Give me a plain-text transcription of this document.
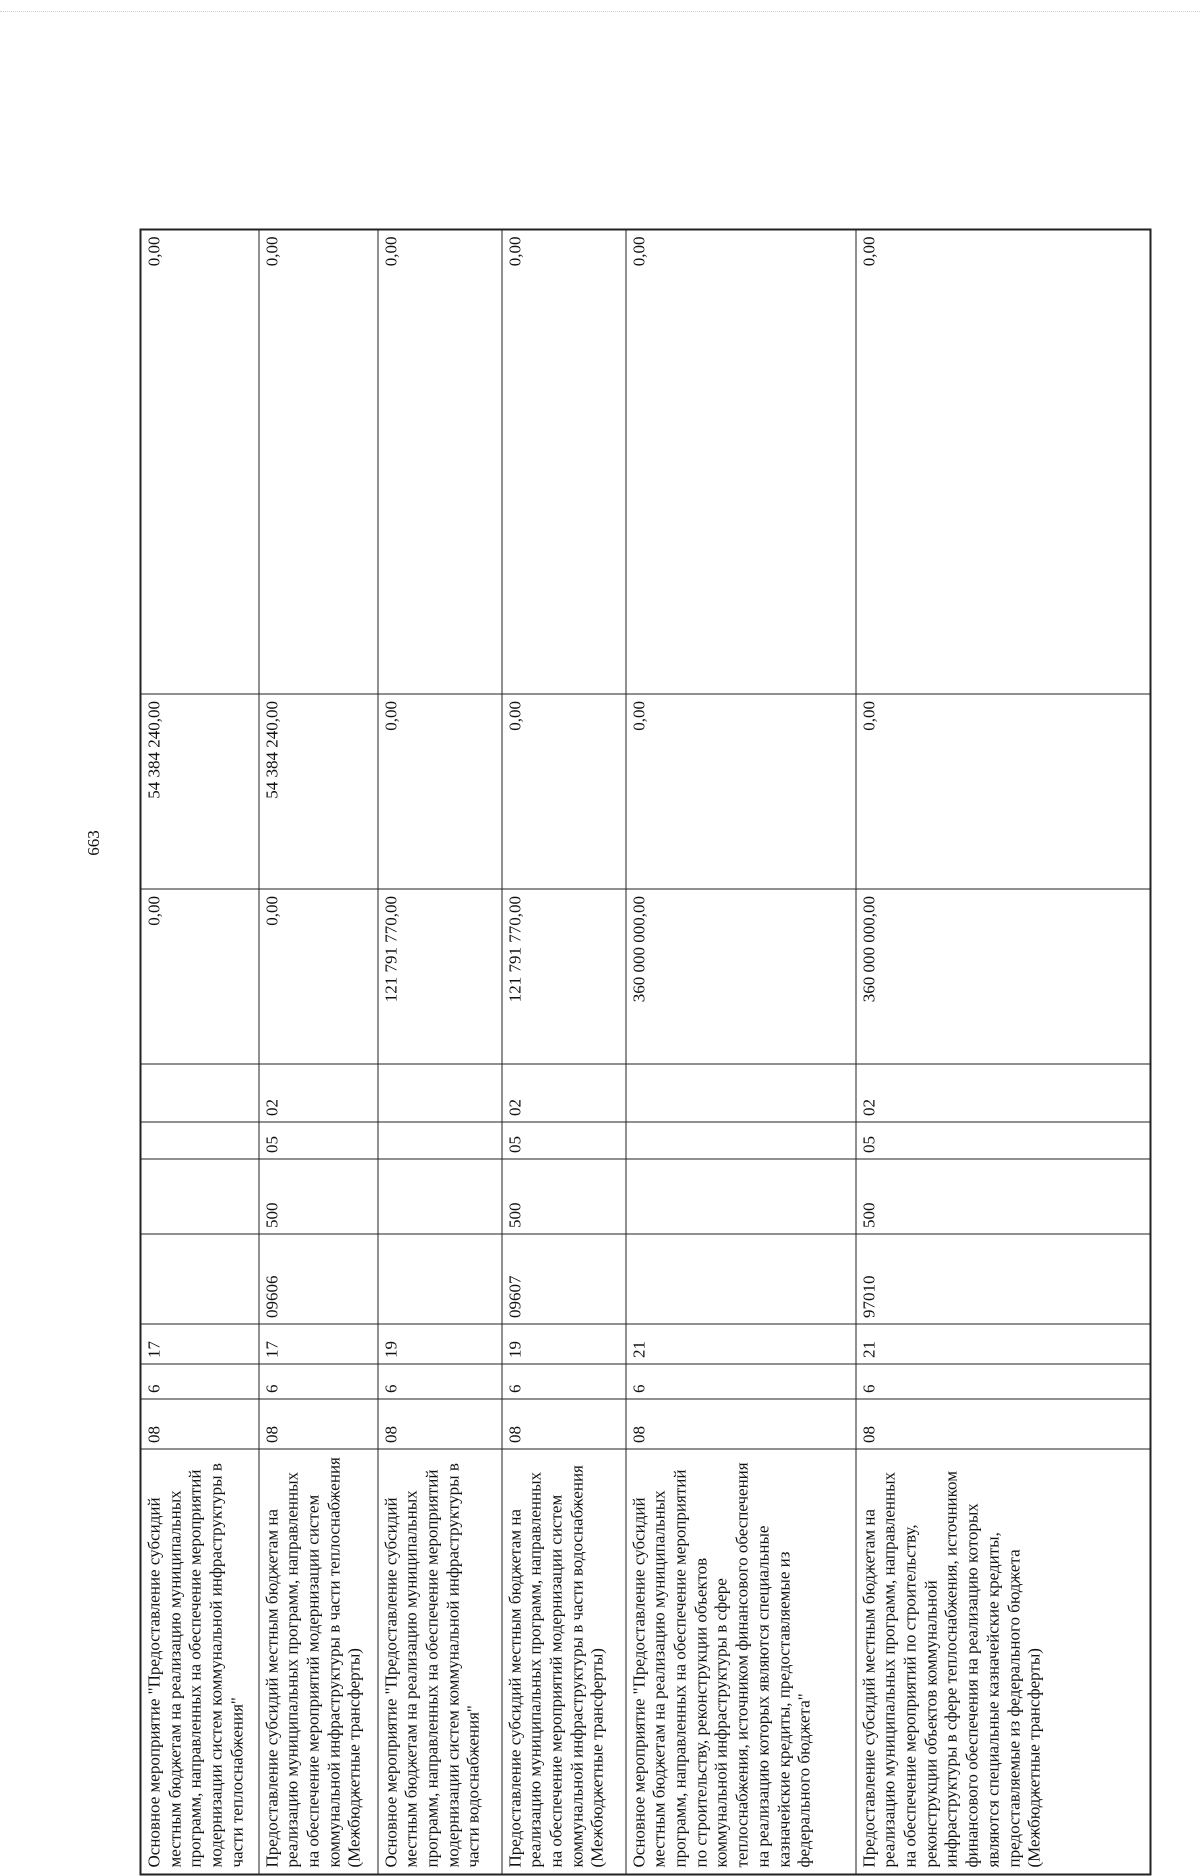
663
Основное мероприятие "Предоставление субсидий местным бюджетам на реализацию муниципальных программ, направленных на обеспечение мероприятий модернизации систем коммунальной инфраструктуры в части теплоснабжения"	08	6	17					0,00	54 384 240,00	0,00
Предоставление субсидий местным бюджетам на реализацию муниципальных программ, направленных на обеспечение мероприятий модернизации систем коммунальной инфраструктуры в части теплоснабжения (Межбюджетные трансферты)	08	6	17	09606	500	05	02	0,00	54 384 240,00	0,00
Основное мероприятие "Предоставление субсидий местным бюджетам на реализацию муниципальных программ, направленных на обеспечение мероприятий модернизации систем коммунальной инфраструктуры в части водоснабжения"	08	6	19					121 791 770,00	0,00	0,00
Предоставление субсидий местным бюджетам на реализацию муниципальных программ, направленных на обеспечение мероприятий модернизации систем коммунальной инфраструктуры в части водоснабжения (Межбюджетные трансферты)	08	6	19	09607	500	05	02	121 791 770,00	0,00	0,00
Основное мероприятие "Предоставление субсидий местным бюджетам на реализацию муниципальных программ, направленных на обеспечение мероприятий по строительству, реконструкции объектов коммунальной инфраструктуры в сфере теплоснабжения, источником финансового обеспечения на реализацию которых являются специальные казначейские кредиты, предоставляемые из федерального бюджета"	08	6	21					360 000 000,00	0,00	0,00
Предоставление субсидий местным бюджетам на реализацию муниципальных программ, направленных на обеспечение мероприятий по строительству, реконструкции объектов коммунальной инфраструктуры в сфере теплоснабжения, источником финансового обеспечения на реализацию которых являются специальные казначейские кредиты, предоставляемые из федерального бюджета (Межбюджетные трансферты)	08	6	21	97010	500	05	02	360 000 000,00	0,00	0,00
